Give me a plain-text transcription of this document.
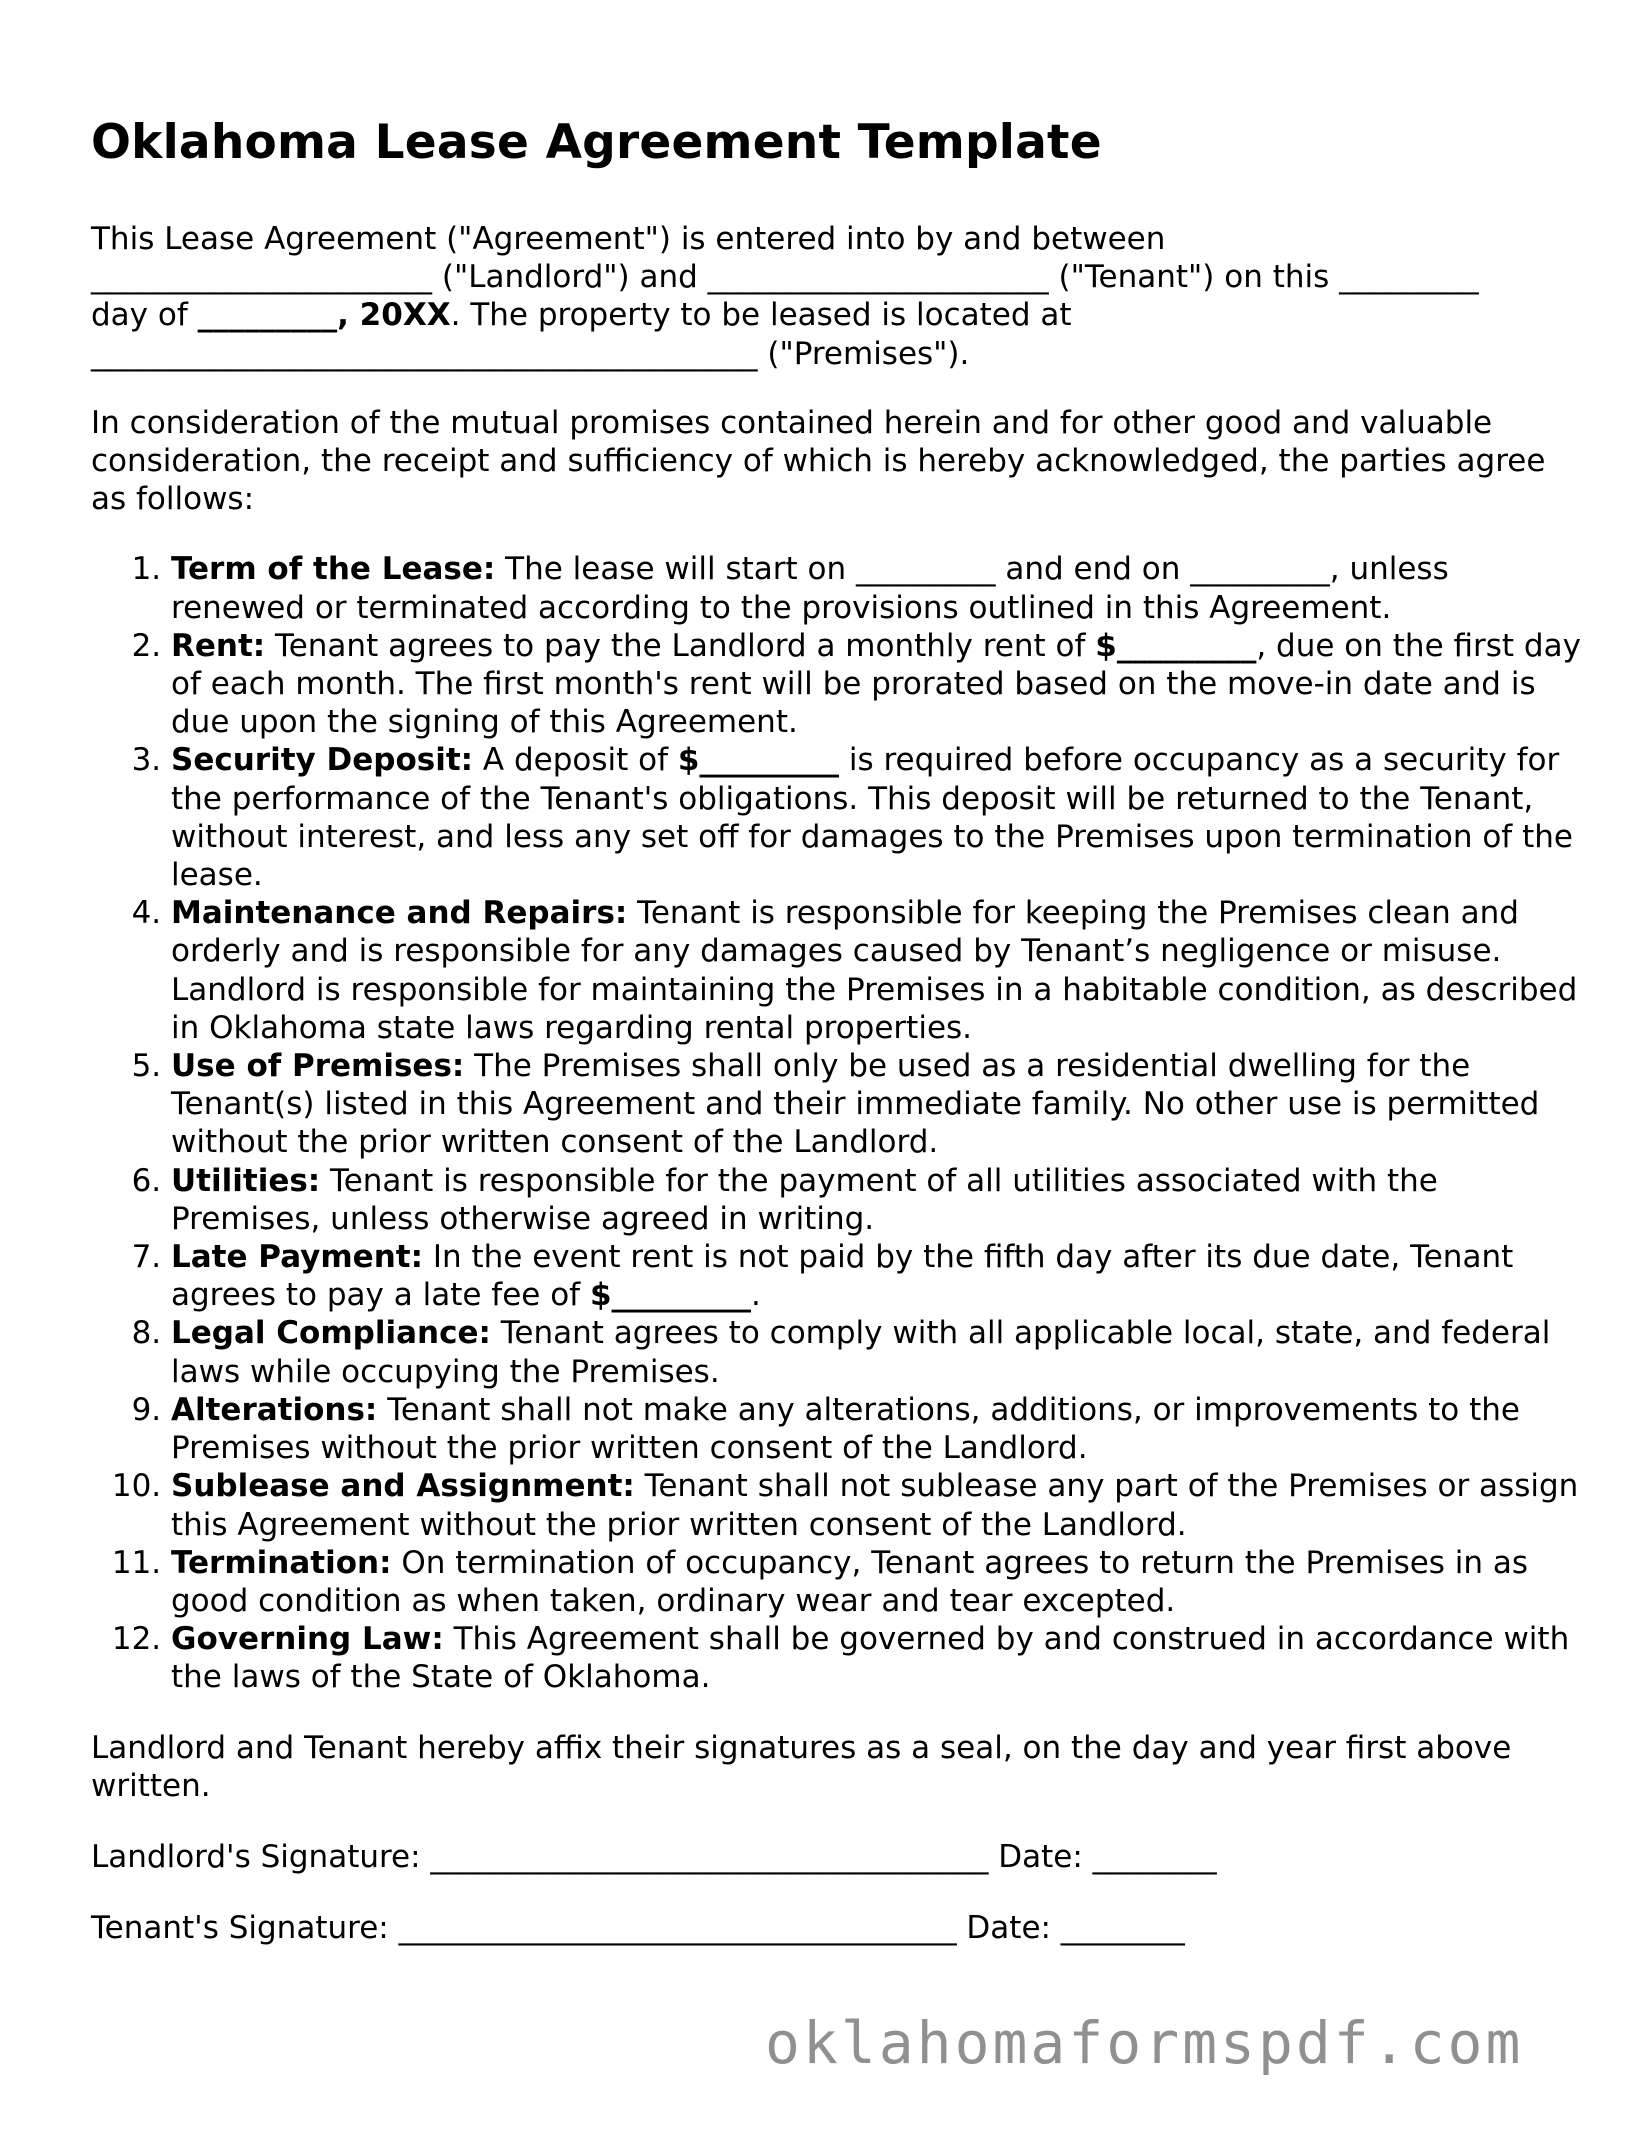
Oklahoma Lease Agreement Template

This Lease Agreement ("Agreement") is entered into by and between
______________________ ("Landlord") and ______________________ ("Tenant") on this _________
day of _________, 20XX. The property to be leased is located at
___________________________________________ ("Premises").

In consideration of the mutual promises contained herein and for other good and valuable consideration, the receipt and sufficiency of which is hereby acknowledged, the parties agree as follows:

1. Term of the Lease: The lease will start on _________ and end on _________, unless renewed or terminated according to the provisions outlined in this Agreement.
2. Rent: Tenant agrees to pay the Landlord a monthly rent of $_________, due on the first day of each month. The first month's rent will be prorated based on the move-in date and is due upon the signing of this Agreement.
3. Security Deposit: A deposit of $_________ is required before occupancy as a security for the performance of the Tenant's obligations. This deposit will be returned to the Tenant, without interest, and less any set off for damages to the Premises upon termination of the lease.
4. Maintenance and Repairs: Tenant is responsible for keeping the Premises clean and orderly and is responsible for any damages caused by Tenant’s negligence or misuse. Landlord is responsible for maintaining the Premises in a habitable condition, as described in Oklahoma state laws regarding rental properties.
5. Use of Premises: The Premises shall only be used as a residential dwelling for the Tenant(s) listed in this Agreement and their immediate family. No other use is permitted without the prior written consent of the Landlord.
6. Utilities: Tenant is responsible for the payment of all utilities associated with the Premises, unless otherwise agreed in writing.
7. Late Payment: In the event rent is not paid by the fifth day after its due date, Tenant agrees to pay a late fee of $_________.
8. Legal Compliance: Tenant agrees to comply with all applicable local, state, and federal laws while occupying the Premises.
9. Alterations: Tenant shall not make any alterations, additions, or improvements to the Premises without the prior written consent of the Landlord.
10. Sublease and Assignment: Tenant shall not sublease any part of the Premises or assign this Agreement without the prior written consent of the Landlord.
11. Termination: On termination of occupancy, Tenant agrees to return the Premises in as good condition as when taken, ordinary wear and tear excepted.
12. Governing Law: This Agreement shall be governed by and construed in accordance with the laws of the State of Oklahoma.

Landlord and Tenant hereby affix their signatures as a seal, on the day and year first above written.

Landlord's Signature: ____________________________________ Date: ________

Tenant's Signature: ____________________________________ Date: ________

oklahomaformspdf.com
